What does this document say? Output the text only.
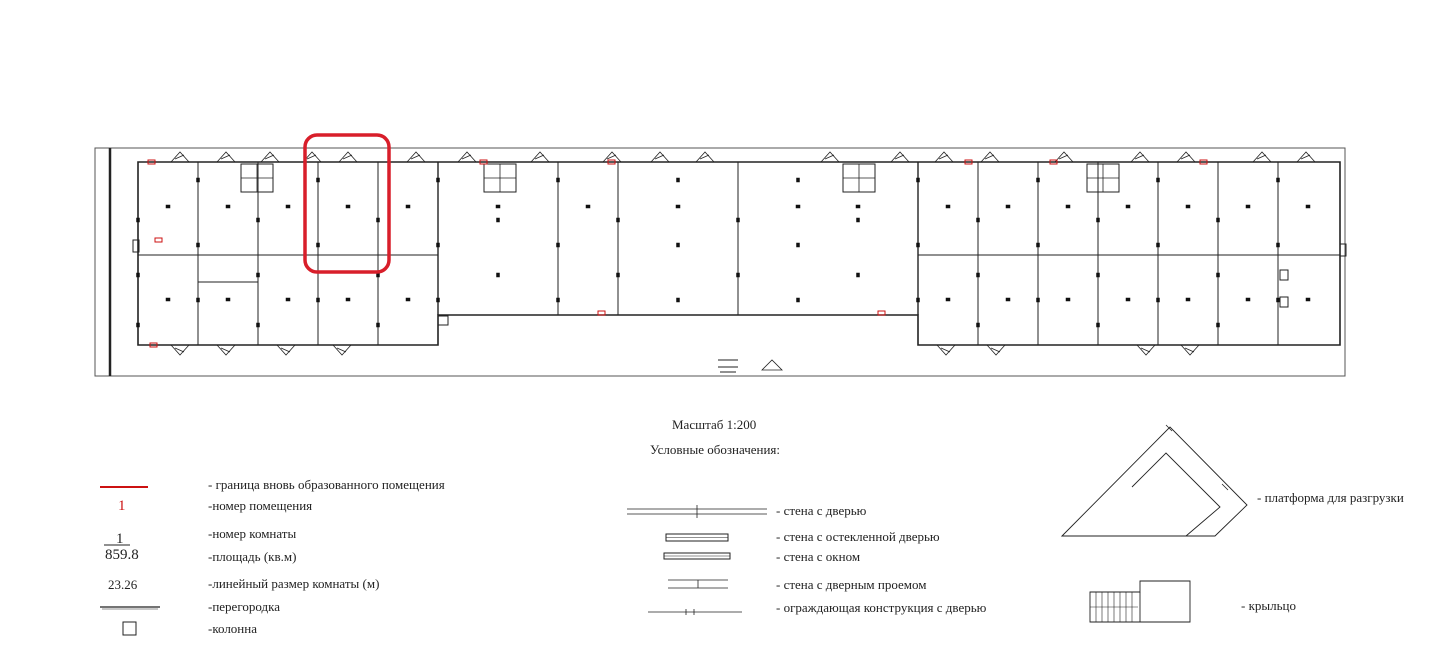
Масштаб 1:200
Условные обозначения:
- граница вновь образованного помещения
1	-номер помещения
1	-номер комнаты
859.8	-площадь (кв.м)
23.26	-линейный размер комнаты (м)
-перегородка
-колонна
- стена с дверью
- стена с остекленной дверью
- стена с окном
- стена с дверным проемом
- ограждающая конструкция с дверью
- платформа для разгрузки
- крыльцо
